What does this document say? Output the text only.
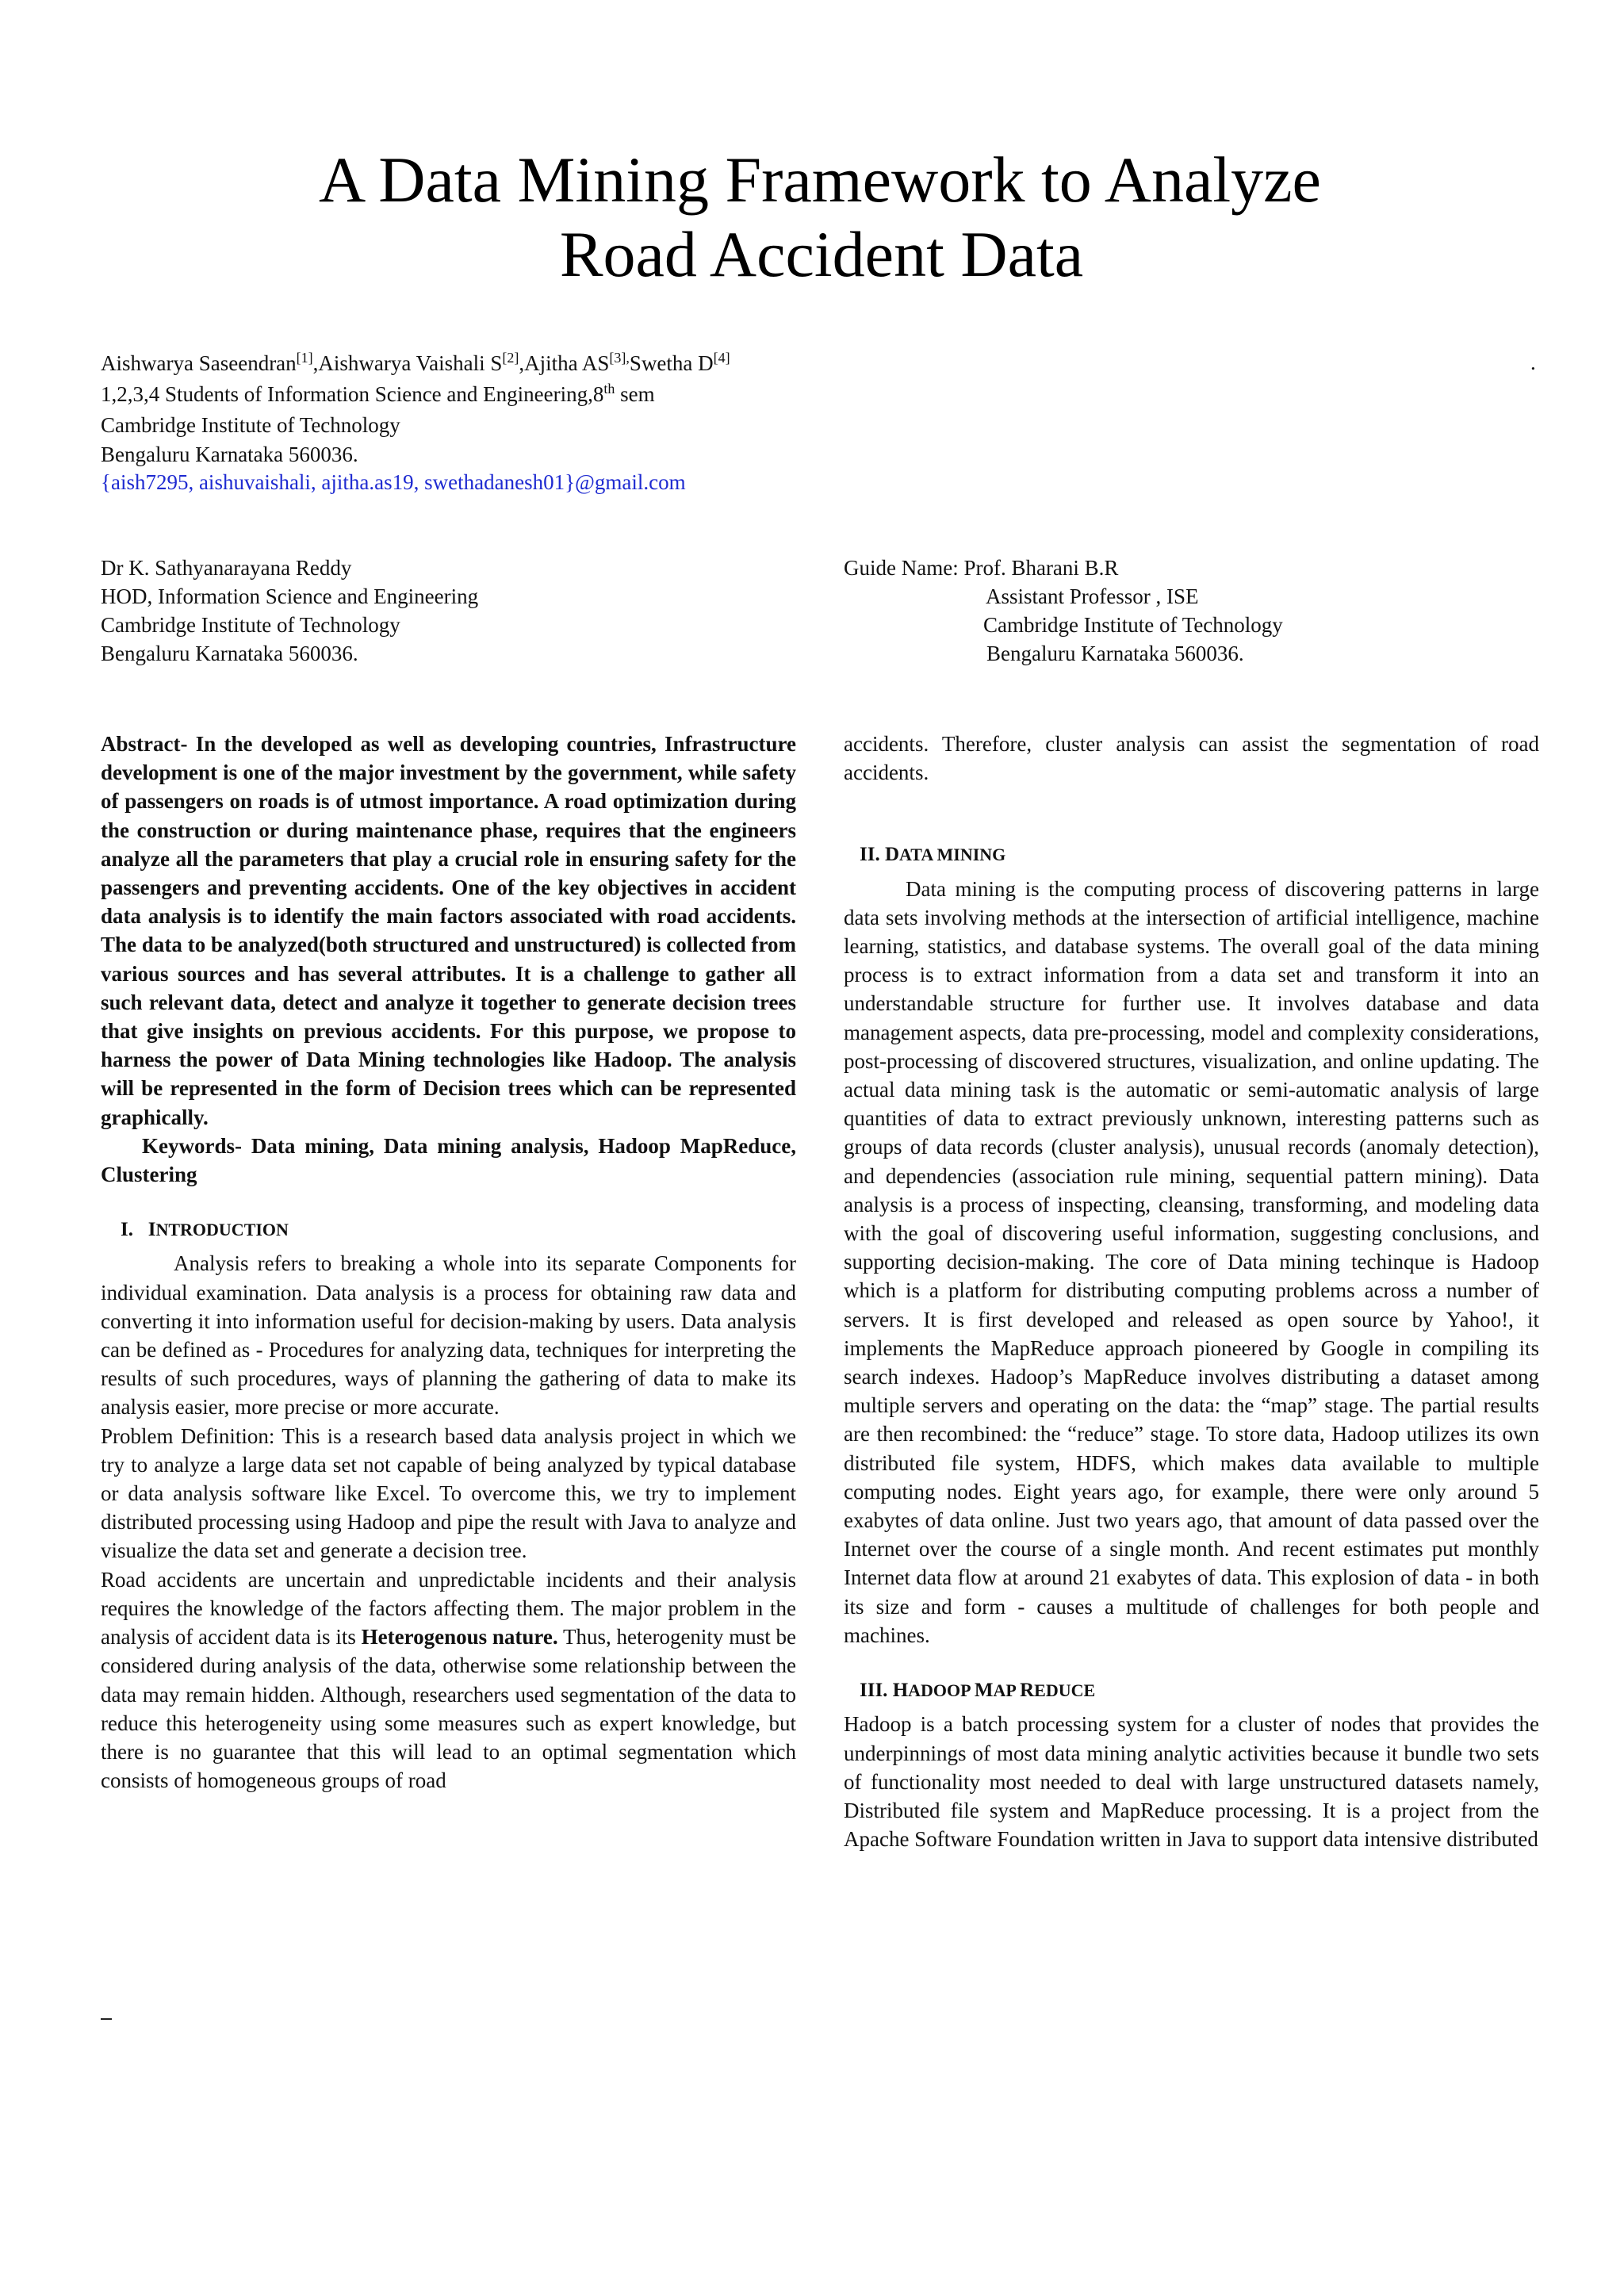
A Data Mining Framework to Analyze
Road Accident Data
Aishwarya Saseendran[1],Aishwarya Vaishali S[2],Ajitha $AS^{[3],}Swetha$ D[4]	.
1,2,3,4 Students of Information Science and Engineering,8th sem
Cambridge Institute of Technology
Bengaluru Karnataka 560036.
{aish7295, aishuvaishali, ajitha.as19, swethadanesh01}@gmail.com
Dr K. Sathyanarayana Reddy
HOD, Information Science and Engineering
Cambridge Institute of Technology
Bengaluru Karnataka 560036.
Guide Name: Prof. Bharani B.R
Assistant Professor , ISE
Cambridge Institute of Technology
Bengaluru Karnataka 560036.

Abstract- In the developed as well as developing countries, Infrastructure development is one of the major investment by the government, while safety of passengers on roads is of utmost importance. A road optimization during the construction or during maintenance phase, requires that the engineers analyze all the parameters that play a crucial role in ensuring safety for the passengers and preventing accidents. One of the key objectives in accident data analysis is to identify the main factors associated with road accidents. The data to be analyzed(both structured and unstructured) is collected from various sources and has several attributes. It is a challenge to gather all such relevant data, detect and analyze it together to generate decision trees that give insights on previous accidents. For this purpose, we propose to harness the power of Data Mining technologies like Hadoop. The analysis will be represented in the form of Decision trees which can be represented graphically.

Keywords- Data mining, Data mining analysis, Hadoop MapReduce, Clustering

I. INTRODUCTION

Analysis refers to breaking a whole into its separate Components for individual examination. Data analysis is a process for obtaining raw data and converting it into information useful for decision-making by users. Data analysis can be defined as - Procedures for analyzing data, techniques for interpreting the results of such procedures, ways of planning the gathering of data to make its analysis easier, more precise or more accurate.

Problem Definition: This is a research based data analysis project in which we try to analyze a large data set not capable of being analyzed by typical database or data analysis software like Excel. To overcome this, we try to implement distributed processing using Hadoop and pipe the result with Java to analyze and visualize the data set and generate a decision tree.

Road accidents are uncertain and unpredictable incidents and their analysis requires the knowledge of the factors affecting them. The major problem in the analysis of accident data is its Heterogenous nature. Thus, heterogenity must be considered during analysis of the data, otherwise some relationship between the data may remain hidden. Although, researchers used segmentation of the data to reduce this heterogeneity using some measures such as expert knowledge, but there is no guarantee that this will lead to an optimal segmentation which consists of homogeneous groups of road

accidents. Therefore, cluster analysis can assist the segmentation of road accidents.

II. DATA MINING

Data mining is the computing process of discovering patterns in large data sets involving methods at the intersection of artificial intelligence, machine learning, statistics, and database systems. The overall goal of the data mining process is to extract information from a data set and transform it into an understandable structure for further use. It involves database and data management aspects, data pre-processing, model and complexity considerations, post-processing of discovered structures, visualization, and online updating. The actual data mining task is the automatic or semi-automatic analysis of large quantities of data to extract previously unknown, interesting patterns such as groups of data records (cluster analysis), unusual records (anomaly detection), and dependencies (association rule mining, sequential pattern mining). Data analysis is a process of inspecting, cleansing, transforming, and modeling data with the goal of discovering useful information, suggesting conclusions, and supporting decision-making. The core of Data mining techinque is Hadoop which is a platform for distributing computing problems across a number of servers. It is first developed and released as open source by Yahoo!, it implements the MapReduce approach pioneered by Google in compiling its search indexes. Hadoop’s MapReduce involves distributing a dataset among multiple servers and operating on the data: the “map” stage. The partial results are then recombined: the “reduce” stage. To store data, Hadoop utilizes its own distributed file system, HDFS, which makes data available to multiple computing nodes. Eight years ago, for example, there were only around 5 exabytes of data online. Just two years ago, that amount of data passed over the Internet over the course of a single month. And recent estimates put monthly Internet data flow at around 21 exabytes of data. This explosion of data - in both its size and form - causes a multitude of challenges for both people and machines.

III. HADOOP MAP REDUCE

Hadoop is a batch processing system for a cluster of nodes that provides the underpinnings of most data mining analytic activities because it bundle two sets of functionality most needed to deal with large unstructured datasets namely, Distributed file system and MapReduce processing. It is a project from the Apache Software Foundation written in Java to support data intensive distributed
